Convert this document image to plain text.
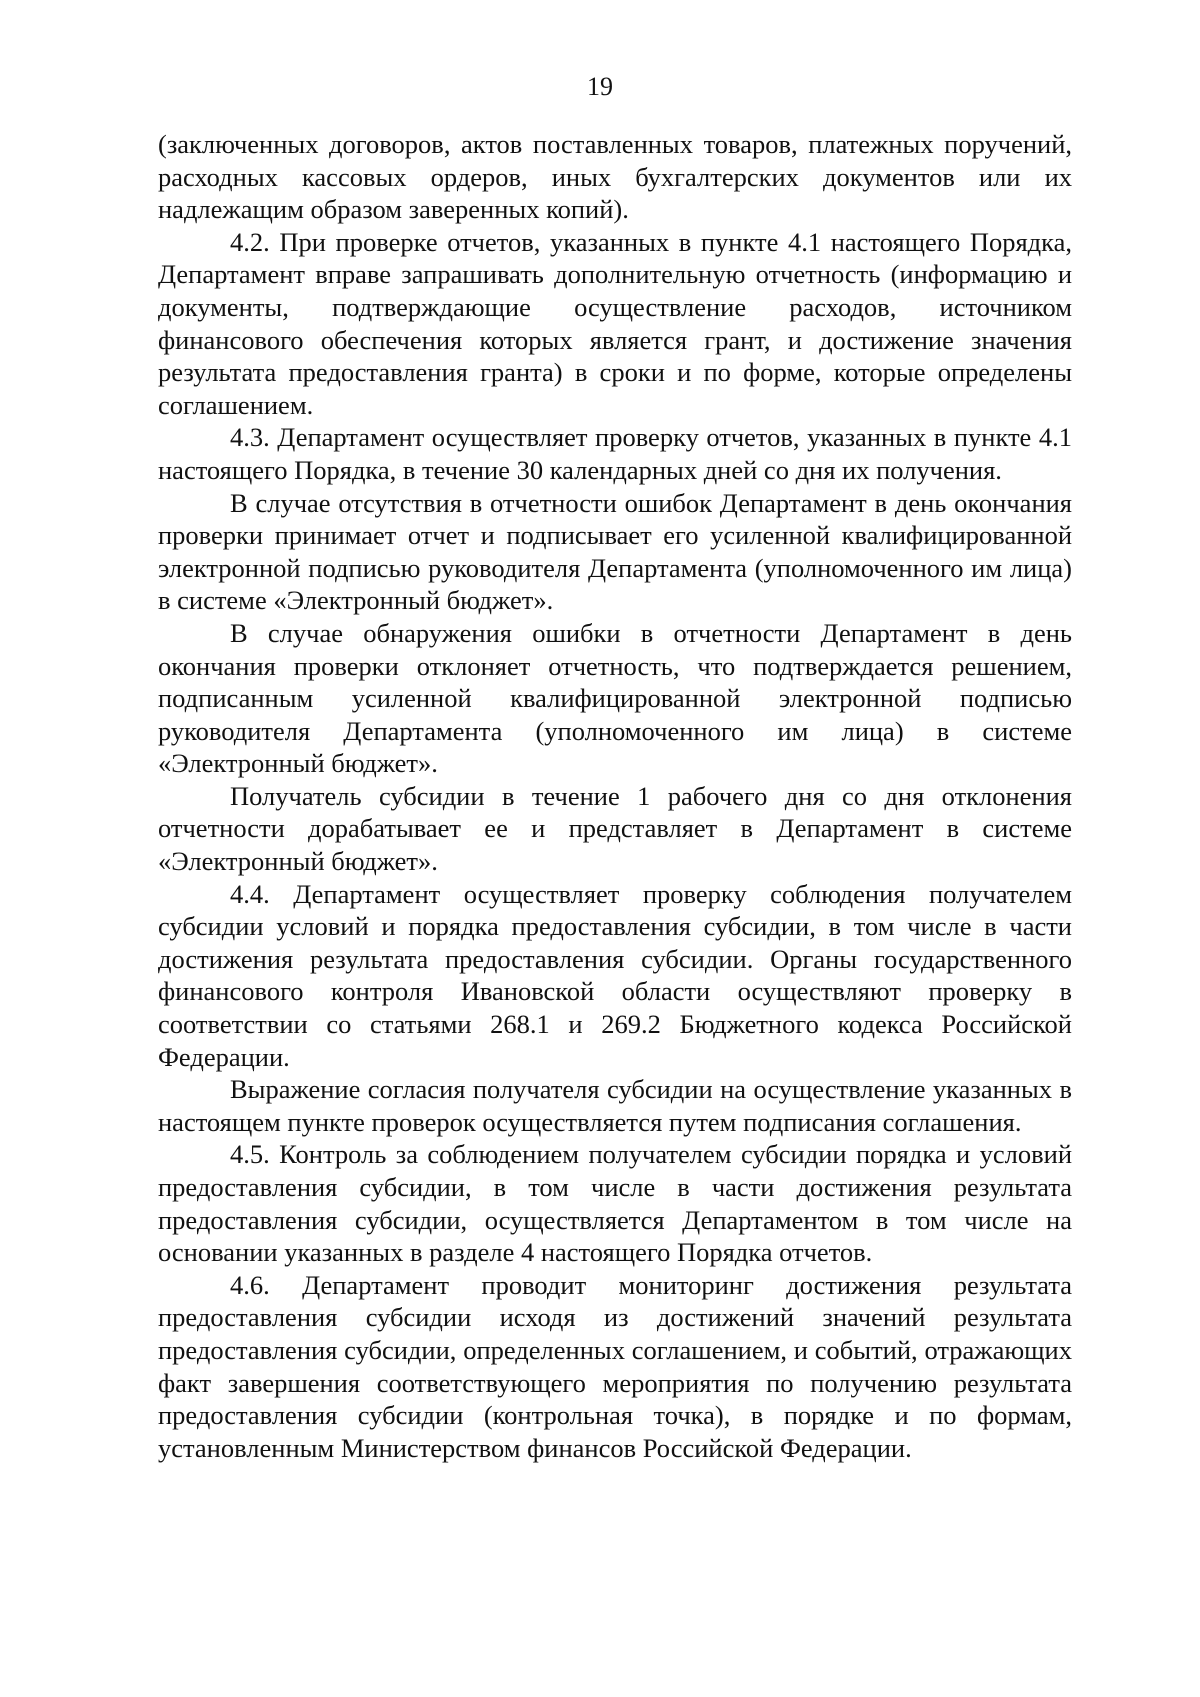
19

(заключенных договоров, актов поставленных товаров, платежных поручений, расходных кассовых ордеров, иных бухгалтерских документов или их надлежащим образом заверенных копий).

4.2. При проверке отчетов, указанных в пункте 4.1 настоящего Порядка, Департамент вправе запрашивать дополнительную отчетность (информацию и документы, подтверждающие осуществление расходов, источником финансового обеспечения которых является грант, и достижение значения результата предоставления гранта) в сроки и по форме, которые определены соглашением.

4.3. Департамент осуществляет проверку отчетов, указанных в пункте 4.1 настоящего Порядка, в течение 30 календарных дней со дня их получения.

В случае отсутствия в отчетности ошибок Департамент в день окончания проверки принимает отчет и подписывает его усиленной квалифицированной электронной подписью руководителя Департамента (уполномоченного им лица) в системе «Электронный бюджет».

В случае обнаружения ошибки в отчетности Департамент в день окончания проверки отклоняет отчетность, что подтверждается решением, подписанным усиленной квалифицированной электронной подписью руководителя Департамента (уполномоченного им лица) в системе «Электронный бюджет».

Получатель субсидии в течение 1 рабочего дня со дня отклонения отчетности дорабатывает ее и представляет в Департамент в системе «Электронный бюджет».

4.4. Департамент осуществляет проверку соблюдения получателем субсидии условий и порядка предоставления субсидии, в том числе в части достижения результата предоставления субсидии. Органы государственного финансового контроля Ивановской области осуществляют проверку в соответствии со статьями 268.1 и 269.2 Бюджетного кодекса Российской Федерации.

Выражение согласия получателя субсидии на осуществление указанных в настоящем пункте проверок осуществляется путем подписания соглашения.

4.5. Контроль за соблюдением получателем субсидии порядка и условий предоставления субсидии, в том числе в части достижения результата предоставления субсидии, осуществляется Департаментом в том числе на основании указанных в разделе 4 настоящего Порядка отчетов.

4.6. Департамент проводит мониторинг достижения результата предоставления субсидии исходя из достижений значений результата предоставления субсидии, определенных соглашением, и событий, отражающих факт завершения соответствующего мероприятия по получению результата предоставления субсидии (контрольная точка), в порядке и по формам, установленным Министерством финансов Российской Федерации.
